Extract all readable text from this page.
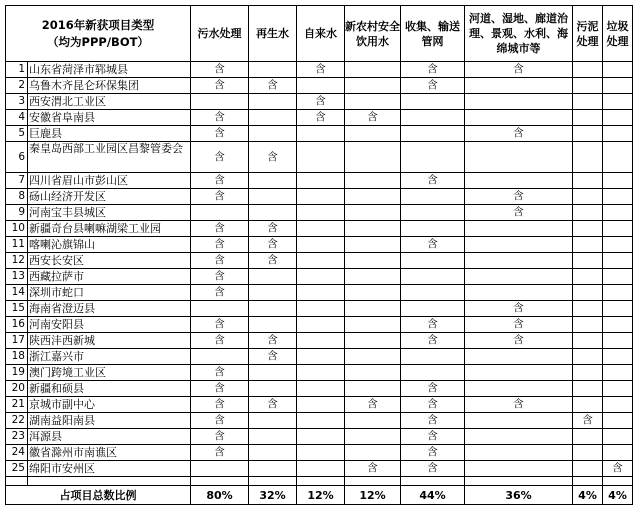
2016年新获项目类型
（均为PPP/BOT）		污水处理	再生水	自来水	新农村安全饮用水	收集、输送管网	河道、湿地、廊道治理、景观、水利、海绵城市等	污泥处理	垃圾处理
1	山东省菏泽市郓城县	含		含		含	含		
2	乌鲁木齐昆仑环保集团	含	含			含			
3	西安渭北工业区			含					
4	安徽省阜南县	含		含	含				
5	巨鹿县	含					含		
6	秦皇岛西部工业园区昌黎管委会	含	含						
7	四川省眉山市彭山区	含				含			
8	砀山经济开发区	含					含		
9	河南宝丰县城区						含		
10	新疆奇台县喇嘛湖梁工业园	含	含						
11	喀喇沁旗锦山	含	含			含			
12	西安长安区	含	含						
13	西藏拉萨市	含							
14	深圳市蛇口	含							
15	海南省澄迈县						含		
16	河南安阳县	含				含	含		
17	陕西沣西新城	含	含			含	含		
18	浙江嘉兴市		含						
19	澳门跨境工业区	含							
20	新疆和硕县	含				含			
21	京城市副中心	含	含		含	含	含		
22	湖南益阳南县	含				含		含	
23	洱源县	含				含			
24	徽省滁州市南谯区	含				含			
25	绵阳市安州区				含	含			含

占项目总数比例		80%	32%	12%	12%	44%	36%	4%	4%
